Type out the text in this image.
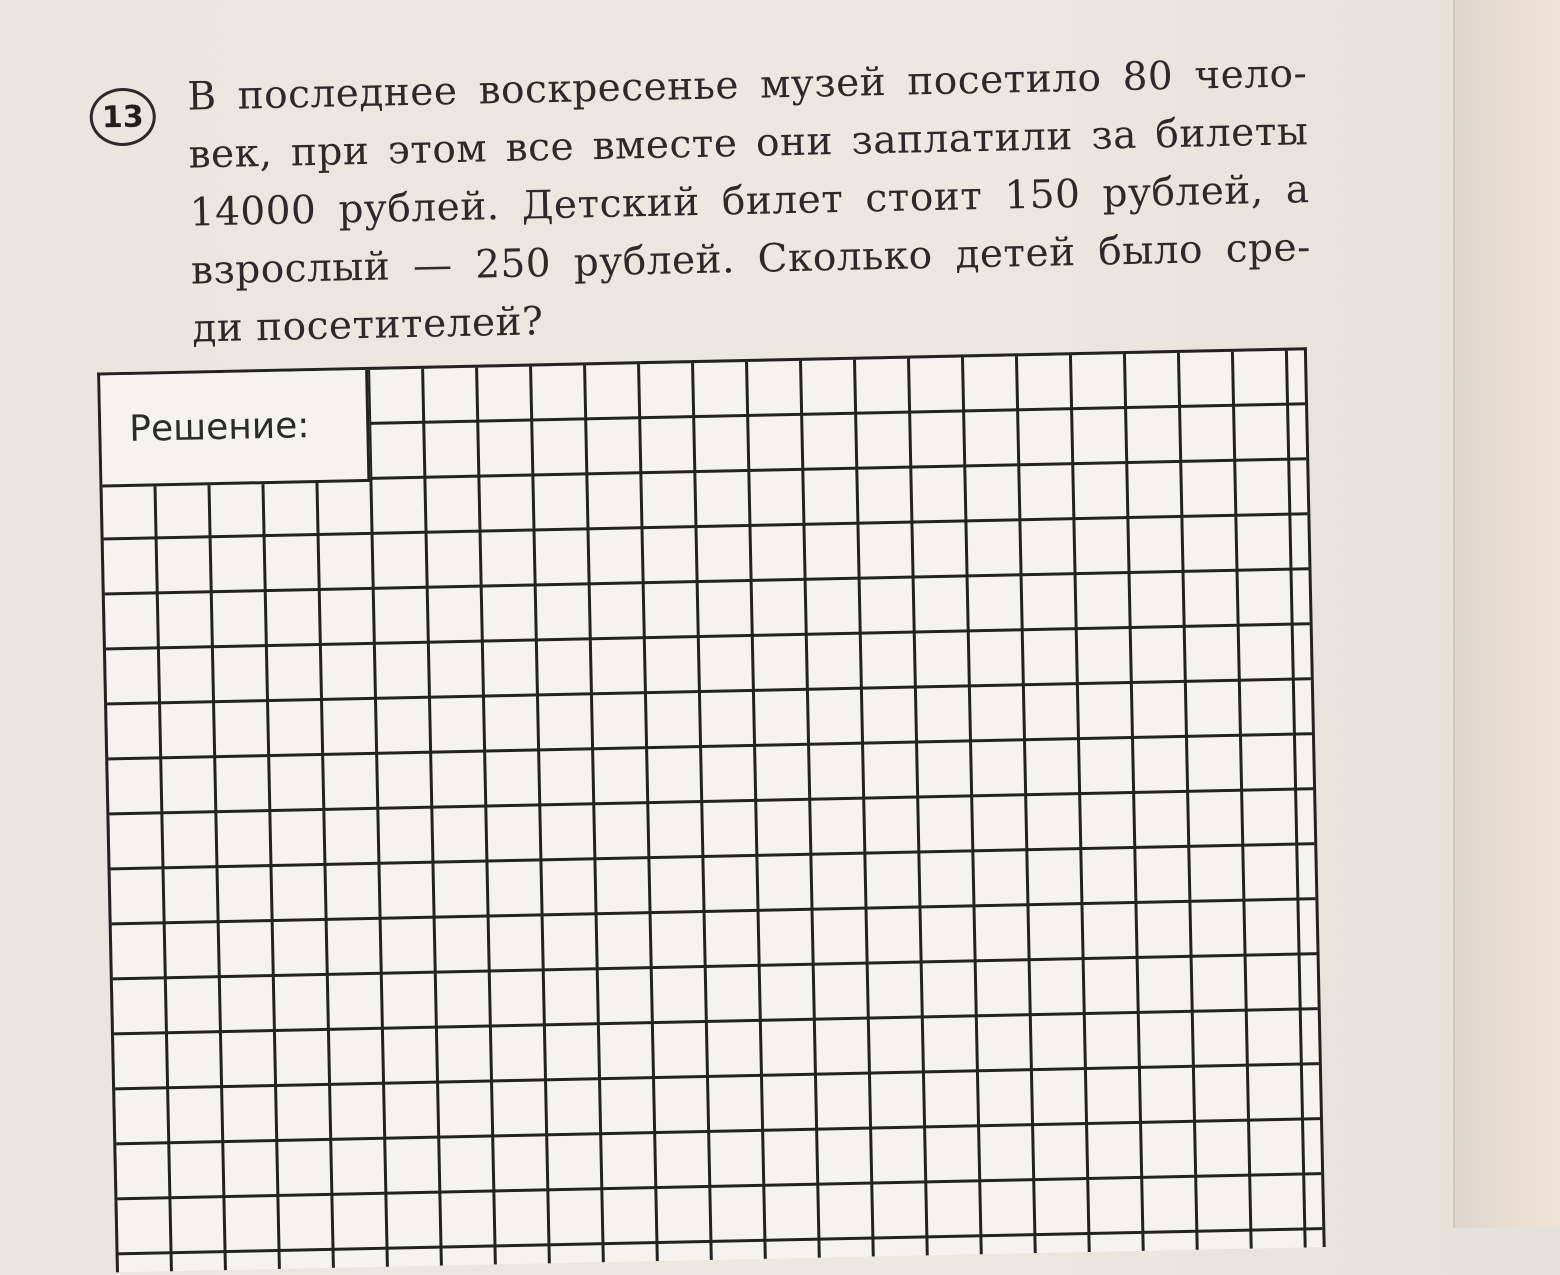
13	В последнее воскресенье музей посетило 80 чело-
век, при этом все вместе они заплатили за билеты
14000 рублей. Детский билет стоит 150 рублей, а
взрослый — 250 рублей. Сколько детей было сре-
ди посетителей?

Решение:
